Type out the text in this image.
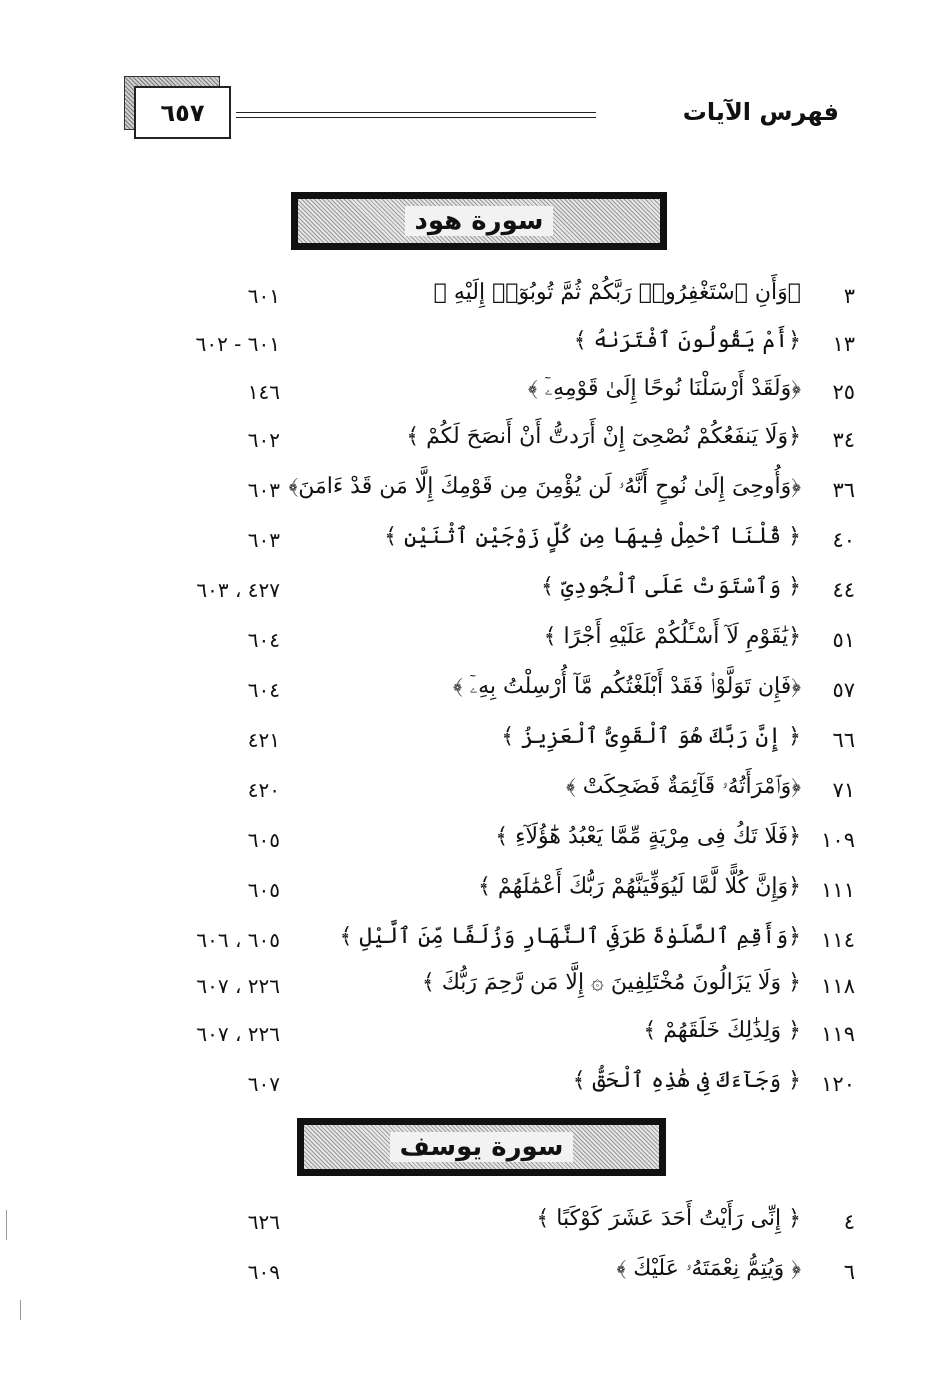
٦٥٧	فهرس الآيات
سورة هود
٣
﴿وَأَنِ ٱسْتَغْفِرُوا۟ رَبَّكُمْ ثُمَّ تُوبُوٓا۟ إِلَيْهِ ﴾
٦٠١
١٣
﴿أَمْ يَقُولُونَ ٱفْتَرَىٰهُ ﴾
٦٠١ - ٦٠٢
٢٥
﴿وَلَقَدْ أَرْسَلْنَا نُوحًا إِلَىٰ قَوْمِهِۦٓ ﴾
١٤٦
٣٤
﴿وَلَا يَنفَعُكُمْ نُصْحِىٓ إِنْ أَرَدتُّ أَنْ أَنصَحَ لَكُمْ ﴾
٦٠٢
٣٦
﴿وَأُوحِىَ إِلَىٰ نُوحٍ أَنَّهُۥ لَن يُؤْمِنَ مِن قَوْمِكَ إِلَّا مَن قَدْ ءَامَنَ﴾
٦٠٣
٤٠
﴿ قُلْنَا ٱحْمِلْ فِيهَا مِن كُلٍّ زَوْجَيْنِ ٱثْنَيْنِ ﴾
٦٠٣
٤٤
﴿ وَٱسْتَوَتْ عَلَى ٱلْجُودِىِّ ﴾
٤٢٧ ، ٦٠٣
٥١
﴿يَٰقَوْمِ لَآ أَسْـَٔلُكُمْ عَلَيْهِ أَجْرًا ﴾
٦٠٤
٥٧
﴿فَإِن تَوَلَّوْا۟ فَقَدْ أَبْلَغْتُكُم مَّآ أُرْسِلْتُ بِهِۦٓ ﴾
٦٠٤
٦٦
﴿ إِنَّ رَبَّكَ هُوَ ٱلْقَوِىُّ ٱلْعَزِيزُ ﴾
٤٢١
٧١
﴿وَٱمْرَأَتُهُۥ قَآئِمَةٌ فَضَحِكَتْ ﴾
٤٢٠
١٠٩
﴿فَلَا تَكُ فِى مِرْيَةٍ مِّمَّا يَعْبُدُ هَٰٓؤُلَآءِ ﴾
٦٠٥
١١١
﴿وَإِنَّ كُلًّا لَّمَّا لَيُوَفِّيَنَّهُمْ رَبُّكَ أَعْمَٰلَهُمْ ﴾
٦٠٥
١١٤
﴿وَأَقِمِ ٱلصَّلَوٰةَ طَرَفَىِ ٱلنَّهَارِ وَزُلَفًا مِّنَ ٱلَّيْلِ ﴾
٦٠٥ ، ٦٠٦
١١٨
﴿ وَلَا يَزَالُونَ مُخْتَلِفِينَ ۞ إِلَّا مَن رَّحِمَ رَبُّكَ ﴾
٢٢٦ ، ٦٠٧
١١٩
﴿ وَلِذَٰلِكَ خَلَقَهُمْ ﴾
٢٢٦ ، ٦٠٧
١٢٠
﴿ وَجَآءَكَ فِى هَٰذِهِ ٱلْحَقُّ ﴾
٦٠٧
سورة يوسف
٤
﴿ إِنِّى رَأَيْتُ أَحَدَ عَشَرَ كَوْكَبًا ﴾
٦٢٦
٦
﴿ وَيُتِمُّ نِعْمَتَهُۥ عَلَيْكَ ﴾
٦٠٩
